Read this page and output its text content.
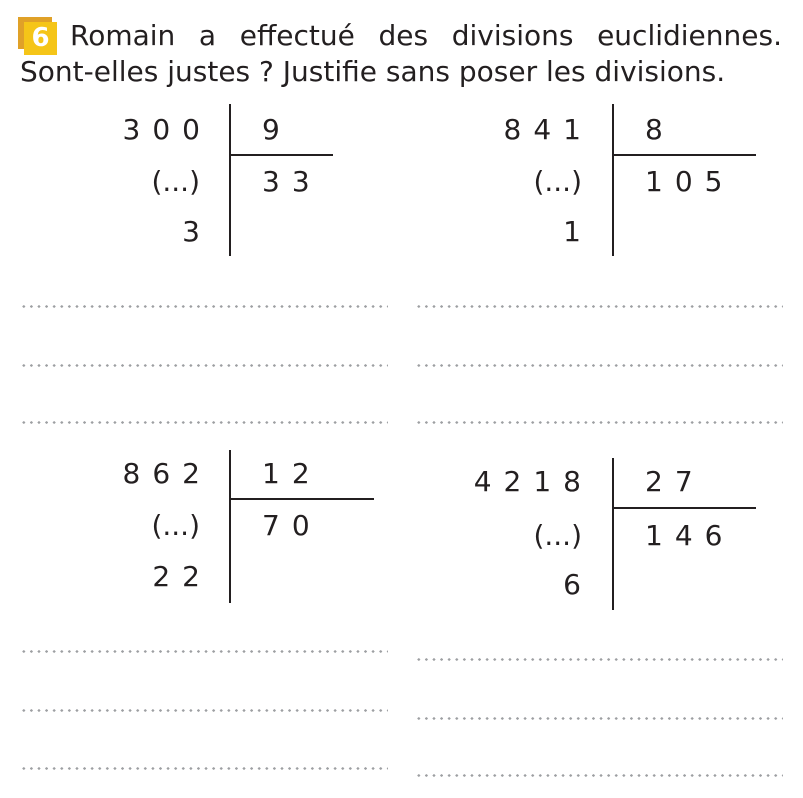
6 Romain a effectué des divisions euclidiennes.
Sont-elles justes ? Justifie sans poser les divisions.
300
(...)
3
9
33
841
(...)
1
8
105
862
(...)
22
12
70
4218
(...)
6
27
146
